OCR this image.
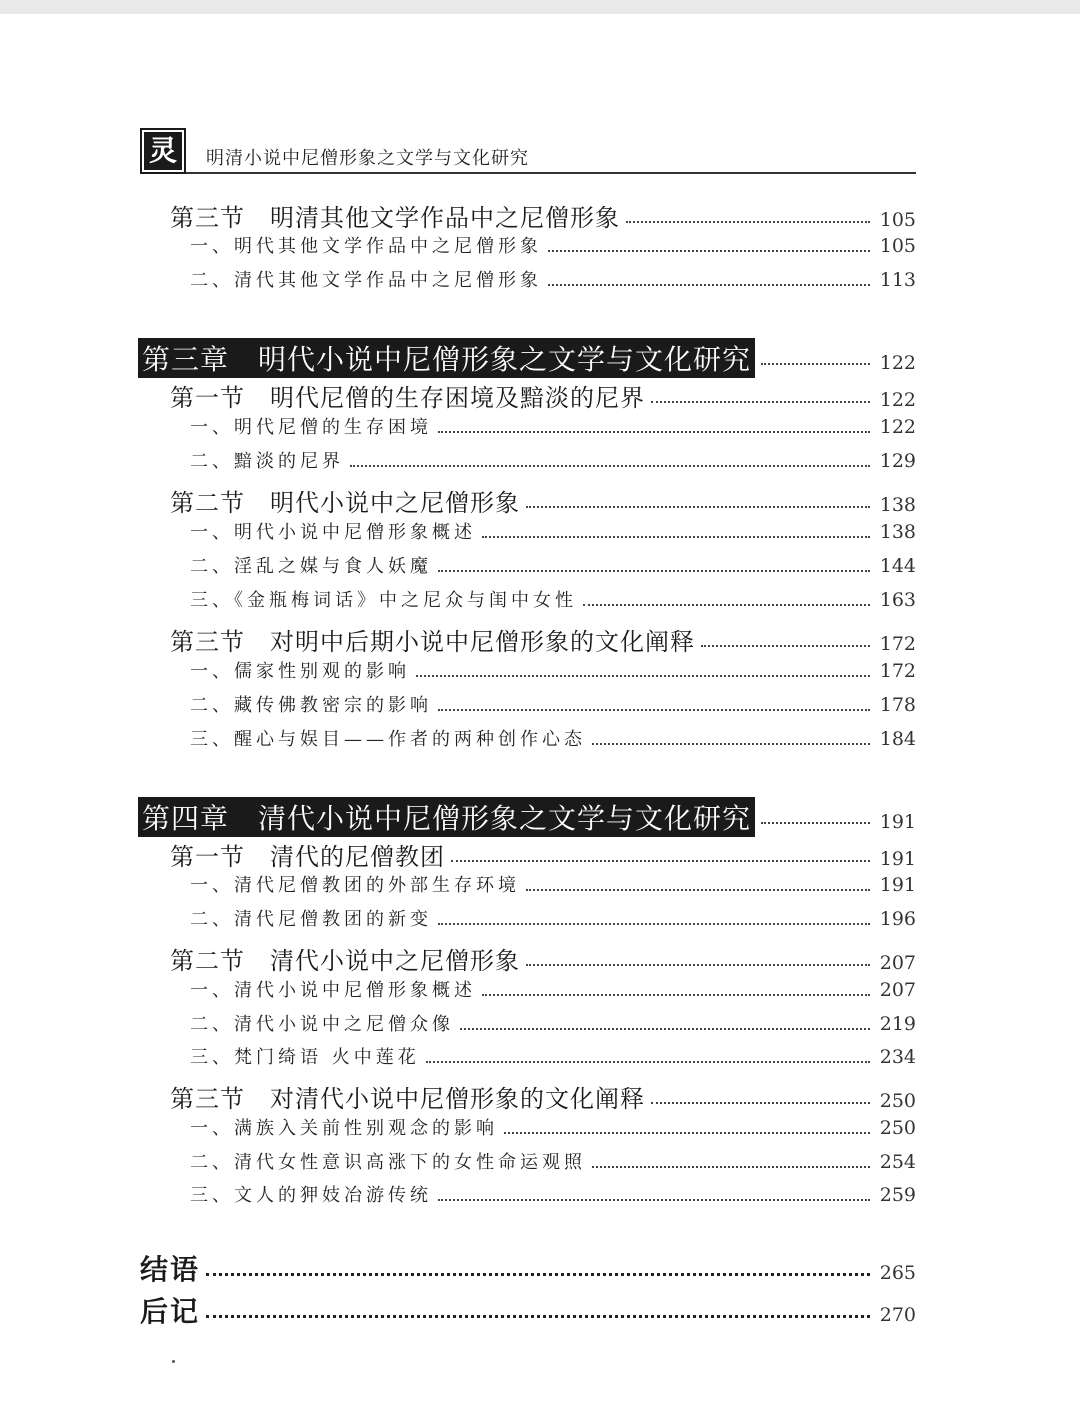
灵	明清小说中尼僧形象之文学与文化研究
第三节　明清其他文学作品中之尼僧形象	105
一、明代其他文学作品中之尼僧形象	105
二、清代其他文学作品中之尼僧形象	113
第三章　明代小说中尼僧形象之文学与文化研究	122
第一节　明代尼僧的生存困境及黯淡的尼界	122
一、明代尼僧的生存困境	122
二、黯淡的尼界	129
第二节　明代小说中之尼僧形象	138
一、明代小说中尼僧形象概述	138
二、淫乱之媒与食人妖魔	144
三、《金瓶梅词话》中之尼众与闺中女性	163
第三节　对明中后期小说中尼僧形象的文化阐释	172
一、儒家性别观的影响	172
二、藏传佛教密宗的影响	178
三、醒心与娱目——作者的两种创作心态	184
第四章　清代小说中尼僧形象之文学与文化研究	191
第一节　清代的尼僧教团	191
一、清代尼僧教团的外部生存环境	191
二、清代尼僧教团的新变	196
第二节　清代小说中之尼僧形象	207
一、清代小说中尼僧形象概述	207
二、清代小说中之尼僧众像	219
三、梵门绮语 火中莲花	234
第三节　对清代小说中尼僧形象的文化阐释	250
一、满族入关前性别观念的影响	250
二、清代女性意识高涨下的女性命运观照	254
三、文人的狎妓冶游传统	259
结语	265
后记	270
